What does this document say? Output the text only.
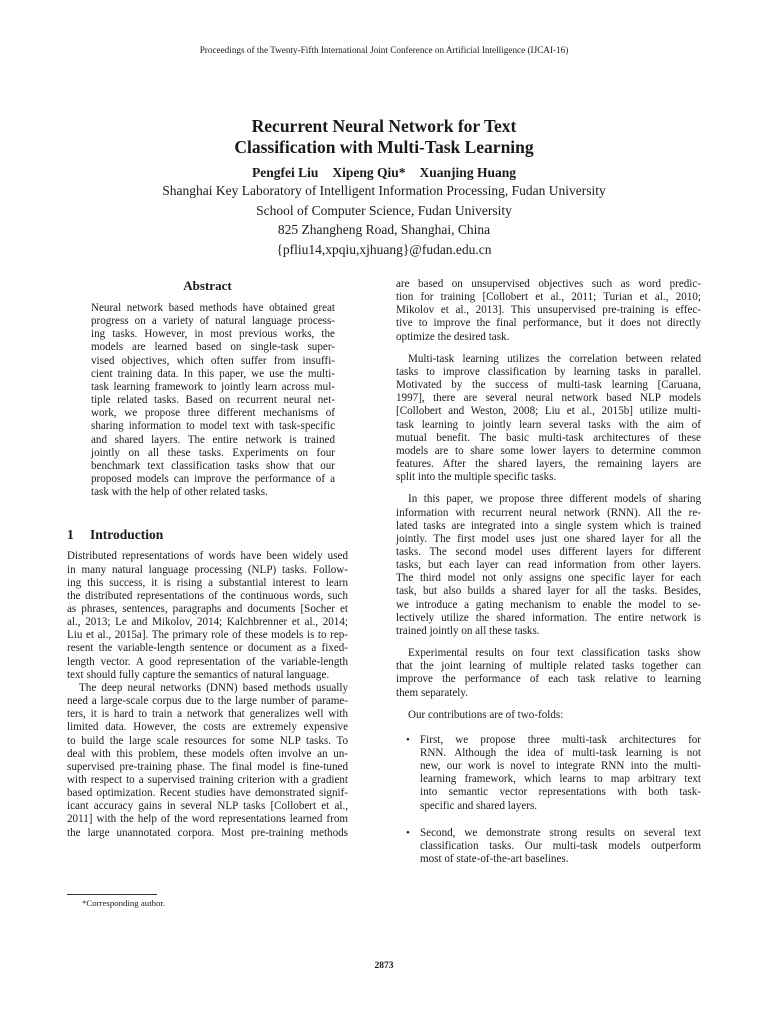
Proceedings of the Twenty-Fifth International Joint Conference on Artificial Intelligence (IJCAI-16)
Recurrent Neural Network for Text
Classification with Multi-Task Learning
Pengfei Liu Xipeng Qiu* Xuanjing Huang
Shanghai Key Laboratory of Intelligent Information Processing, Fudan University
School of Computer Science, Fudan University
825 Zhangheng Road, Shanghai, China
{pfliu14,xpqiu,xjhuang}@fudan.edu.cn
Abstract
Neural network based methods have obtained great
progress on a variety of natural language process-
ing tasks. However, in most previous works, the
models are learned based on single-task super-
vised objectives, which often suffer from insuffi-
cient training data. In this paper, we use the multi-
task learning framework to jointly learn across mul-
tiple related tasks. Based on recurrent neural net-
work, we propose three different mechanisms of
sharing information to model text with task-specific
and shared layers. The entire network is trained
jointly on all these tasks. Experiments on four
benchmark text classification tasks show that our
proposed models can improve the performance of a
task with the help of other related tasks.
1 Introduction
Distributed representations of words have been widely used
in many natural language processing (NLP) tasks. Follow-
ing this success, it is rising a substantial interest to learn
the distributed representations of the continuous words, such
as phrases, sentences, paragraphs and documents [Socher et
al., 2013; Le and Mikolov, 2014; Kalchbrenner et al., 2014;
Liu et al., 2015a]. The primary role of these models is to rep-
resent the variable-length sentence or document as a fixed-
length vector. A good representation of the variable-length
text should fully capture the semantics of natural language.
The deep neural networks (DNN) based methods usually
need a large-scale corpus due to the large number of parame-
ters, it is hard to train a network that generalizes well with
limited data. However, the costs are extremely expensive
to build the large scale resources for some NLP tasks. To
deal with this problem, these models often involve an un-
supervised pre-training phase. The final model is fine-tuned
with respect to a supervised training criterion with a gradient
based optimization. Recent studies have demonstrated signif-
icant accuracy gains in several NLP tasks [Collobert et al.,
2011] with the help of the word representations learned from
the large unannotated corpora. Most pre-training methods
are based on unsupervised objectives such as word predic-
tion for training [Collobert et al., 2011; Turian et al., 2010;
Mikolov et al., 2013]. This unsupervised pre-training is effec-
tive to improve the final performance, but it does not directly
optimize the desired task.
Multi-task learning utilizes the correlation between related
tasks to improve classification by learning tasks in parallel.
Motivated by the success of multi-task learning [Caruana,
1997], there are several neural network based NLP models
[Collobert and Weston, 2008; Liu et al., 2015b] utilize multi-
task learning to jointly learn several tasks with the aim of
mutual benefit. The basic multi-task architectures of these
models are to share some lower layers to determine common
features. After the shared layers, the remaining layers are
split into the multiple specific tasks.
In this paper, we propose three different models of sharing
information with recurrent neural network (RNN). All the re-
lated tasks are integrated into a single system which is trained
jointly. The first model uses just one shared layer for all the
tasks. The second model uses different layers for different
tasks, but each layer can read information from other layers.
The third model not only assigns one specific layer for each
task, but also builds a shared layer for all the tasks. Besides,
we introduce a gating mechanism to enable the model to se-
lectively utilize the shared information. The entire network is
trained jointly on all these tasks.
Experimental results on four text classification tasks show
that the joint learning of multiple related tasks together can
improve the performance of each task relative to learning
them separately.
Our contributions are of two-folds:
• First, we propose three multi-task architectures for
RNN. Although the idea of multi-task learning is not
new, our work is novel to integrate RNN into the multi-
learning framework, which learns to map arbitrary text
into semantic vector representations with both task-
specific and shared layers.
• Second, we demonstrate strong results on several text
classification tasks. Our multi-task models outperform
most of state-of-the-art baselines.
*Corresponding author.
2873
